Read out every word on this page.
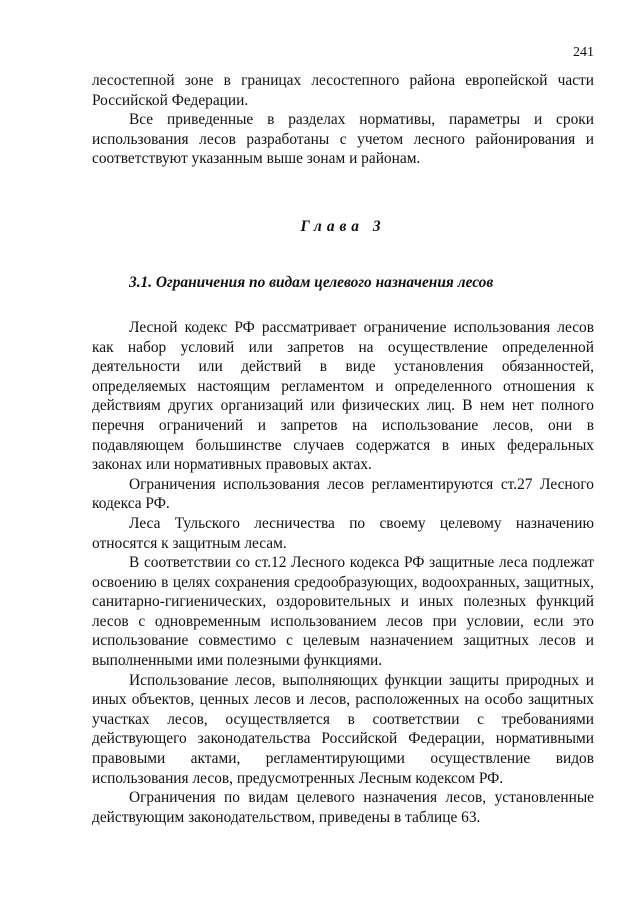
241

лесостепной зоне в границах лесостепного района европейской части Российской Федерации.

Все приведенные в разделах нормативы, параметры и сроки использования лесов разработаны с учетом лесного районирования и соответствуют указанным выше зонам и районам.

Глава 3
3.1. Ограничения по видам целевого назначения лесов

Лесной кодекс РФ рассматривает ограничение использования лесов как набор условий или запретов на осуществление определенной деятельности или действий в виде установления обязанностей, определяемых настоящим регламентом и определенного отношения к действиям других организаций или физических лиц. В нем нет полного перечня ограничений и запретов на использование лесов, они в подавляющем большинстве случаев содержатся в иных федеральных законах или нормативных правовых актах.

Ограничения использования лесов регламентируются ст.27 Лесного кодекса РФ.

Леса Тульского лесничества по своему целевому назначению относятся к защитным лесам.

В соответствии со ст.12 Лесного кодекса РФ защитные леса подлежат освоению в целях сохранения средообразующих, водоохранных, защитных, санитарно-гигиенических, оздоровительных и иных полезных функций лесов с одновременным использованием лесов при условии, если это использование совместимо с целевым назначением защитных лесов и выполненными ими полезными функциями.

Использование лесов, выполняющих функции защиты природных и иных объектов, ценных лесов и лесов, расположенных на особо защитных участках лесов, осуществляется в соответствии с требованиями действующего законодательства Российской Федерации, нормативными правовыми актами, регламентирующими осуществление видов использования лесов, предусмотренных Лесным кодексом РФ.

Ограничения по видам целевого назначения лесов, установленные действующим законодательством, приведены в таблице 63.
